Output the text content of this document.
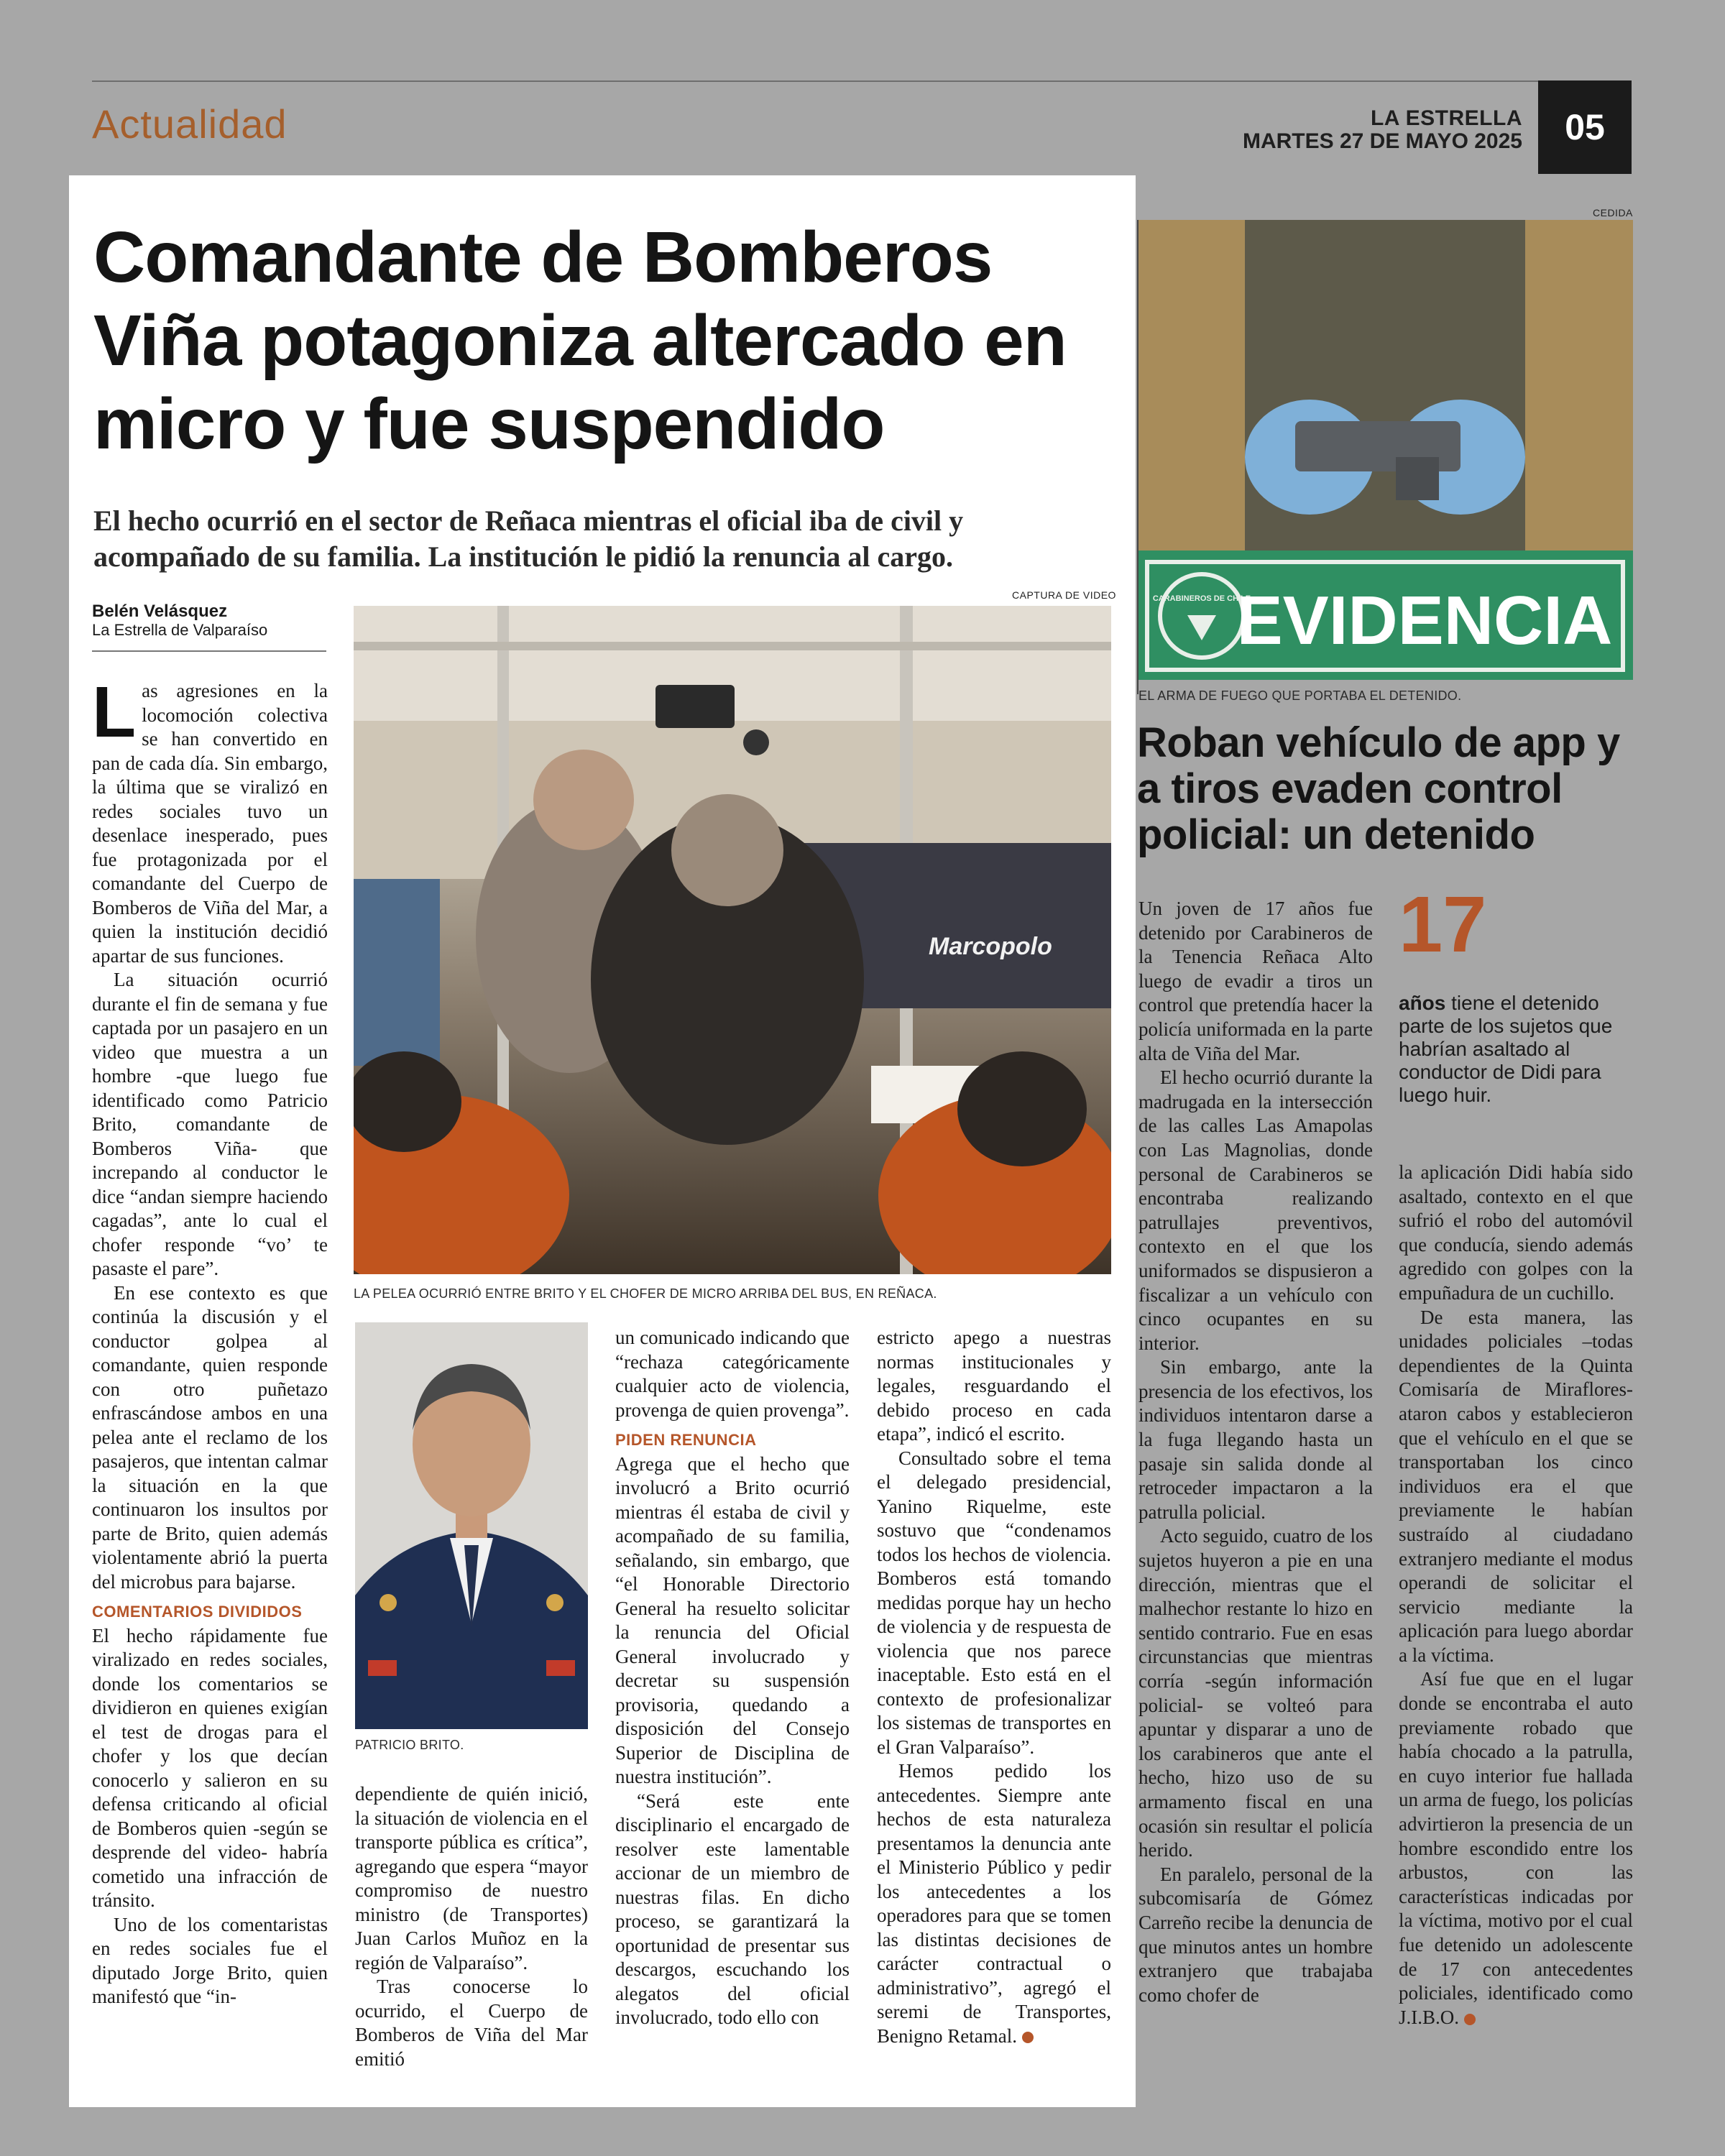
Actualidad	LA ESTRELLA
MARTES 27 DE MAYO 2025	05
Comandante de Bomberos Viña potagoniza altercado en micro y fue suspendido
El hecho ocurrió en el sector de Reñaca mientras el oficial iba de civil y acompañado de su familia. La institución le pidió la renuncia al cargo.
Belén Velásquez
La Estrella de Valparaíso
CAPTURA DE VIDEO
Marcopolo
LA PELEA OCURRIÓ ENTRE BRITO Y EL CHOFER DE MICRO ARRIBA DEL BUS, EN REÑACA.
PATRICIO BRITO.

Las agresiones en la locomoción colectiva se han convertido en pan de cada día. Sin embargo, la última que se viralizó en redes sociales tuvo un desenlace inesperado, pues fue protagonizada por el comandante del Cuerpo de Bomberos de Viña del Mar, a quien la institución decidió apartar de sus funciones.

La situación ocurrió durante el fin de semana y fue captada por un pasajero en un video que muestra a un hombre -que luego fue identificado como Patricio Brito, comandante de Bomberos Viña- que increpando al conductor le dice “andan siempre haciendo cagadas”, ante lo cual el chofer responde “vo’ te pasaste el pare”.

En ese contexto es que continúa la discusión y el conductor golpea al comandante, quien responde con otro puñetazo enfrascándose ambos en una pelea ante el reclamo de los pasajeros, que intentan calmar la situación en la que continuaron los insultos por parte de Brito, quien además violentamente abrió la puerta del microbus para bajarse.

COMENTARIOS DIVIDIDOS

El hecho rápidamente fue viralizado en redes sociales, donde los comentarios se dividieron en quienes exigían el test de drogas para el chofer y los que decían conocerlo y salieron en su defensa criticando al oficial de Bomberos quien -según se desprende del video- habría cometido una infracción de tránsito.

Uno de los comentaristas en redes sociales fue el diputado Jorge Brito, quien manifestó que “in-

dependiente de quién inició, la situación de violencia en el transporte pública es crítica”, agregando que espera “mayor compromiso de nuestro ministro (de Transportes) Juan Carlos Muñoz en la región de Valparaíso”.

Tras conocerse lo ocurrido, el Cuerpo de Bomberos de Viña del Mar emitió

un comunicado indicando que “rechaza categóricamente cualquier acto de violencia, provenga de quien provenga”.

PIDEN RENUNCIA

Agrega que el hecho que involucró a Brito ocurrió mientras él estaba de civil y acompañado de su familia, señalando, sin embargo, que “el Honorable Directorio General ha resuelto solicitar la renuncia del Oficial General involucrado y decretar su suspensión provisoria, quedando a disposición del Consejo Superior de Disciplina de nuestra institución”.

“Será este ente disciplinario el encargado de resolver este lamentable accionar de un miembro de nuestras filas. En dicho proceso, se garantizará la oportunidad de presentar sus descargos, escuchando los alegatos del oficial involucrado, todo ello con

estricto apego a nuestras normas institucionales y legales, resguardando el debido proceso en cada etapa”, indicó el escrito.

Consultado sobre el tema el delegado presidencial, Yanino Riquelme, este sostuvo que “condenamos todos los hechos de violencia. Bomberos está tomando medidas porque hay un hecho de violencia y de respuesta de violencia que nos parece inaceptable. Esto está en el contexto de profesionalizar los sistemas de transportes en el Gran Valparaíso”.

Hemos pedido los antecedentes. Siempre ante hechos de esta naturaleza presentamos la denuncia ante el Ministerio Público y pedir los antecedentes a los operadores para que se tomen las distintas decisiones de carácter contractual o administrativo”, agregó el seremi de Transportes, Benigno Retamal.

CEDIDA
CARABINEROS DE CHILE
EVIDENCIA
EL ARMA DE FUEGO QUE PORTABA EL DETENIDO.
Roban vehículo de app y a tiros evaden control policial: un detenido
17
años tiene el detenido parte de los sujetos que habrían asaltado al conductor de Didi para luego huir.

Un joven de 17 años fue detenido por Carabineros de la Tenencia Reñaca Alto luego de evadir a tiros un control que pretendía hacer la policía uniformada en la parte alta de Viña del Mar.

El hecho ocurrió durante la madrugada en la intersección de las calles Las Amapolas con Las Magnolias, donde personal de Carabineros se encontraba realizando patrullajes preventivos, contexto en el que los uniformados se dispusieron a fiscalizar a un vehículo con cinco ocupantes en su interior.

Sin embargo, ante la presencia de los efectivos, los individuos intentaron darse a la fuga llegando hasta un pasaje sin salida donde al retroceder impactaron a la patrulla policial.

Acto seguido, cuatro de los sujetos huyeron a pie en una dirección, mientras que el malhechor restante lo hizo en sentido contrario. Fue en esas circunstancias que mientras corría -según información policial- se volteó para apuntar y disparar a uno de los carabineros que ante el hecho, hizo uso de su armamento fiscal en una ocasión sin resultar el policía herido.

En paralelo, personal de la subcomisaría de Gómez Carreño recibe la denuncia de que minutos antes un hombre extranjero que trabajaba como chofer de

la aplicación Didi había sido asaltado, contexto en el que sufrió el robo del automóvil que conducía, siendo además agredido con golpes con la empuñadura de un cuchillo.

De esta manera, las unidades policiales –todas dependientes de la Quinta Comisaría de Miraflores-ataron cabos y establecieron que el vehículo en el que se transportaban los cinco individuos era el que previamente le habían sustraído al ciudadano extranjero mediante el modus operandi de solicitar el servicio mediante la aplicación para luego abordar a la víctima.

Así fue que en el lugar donde se encontraba el auto previamente robado que había chocado a la patrulla, en cuyo interior fue hallada un arma de fuego, los policías advirtieron la presencia de un hombre escondido entre los arbustos, con las características indicadas por la víctima, motivo por el cual fue detenido un adolescente de 17 con antecedentes policiales, identificado como J.I.B.O.
